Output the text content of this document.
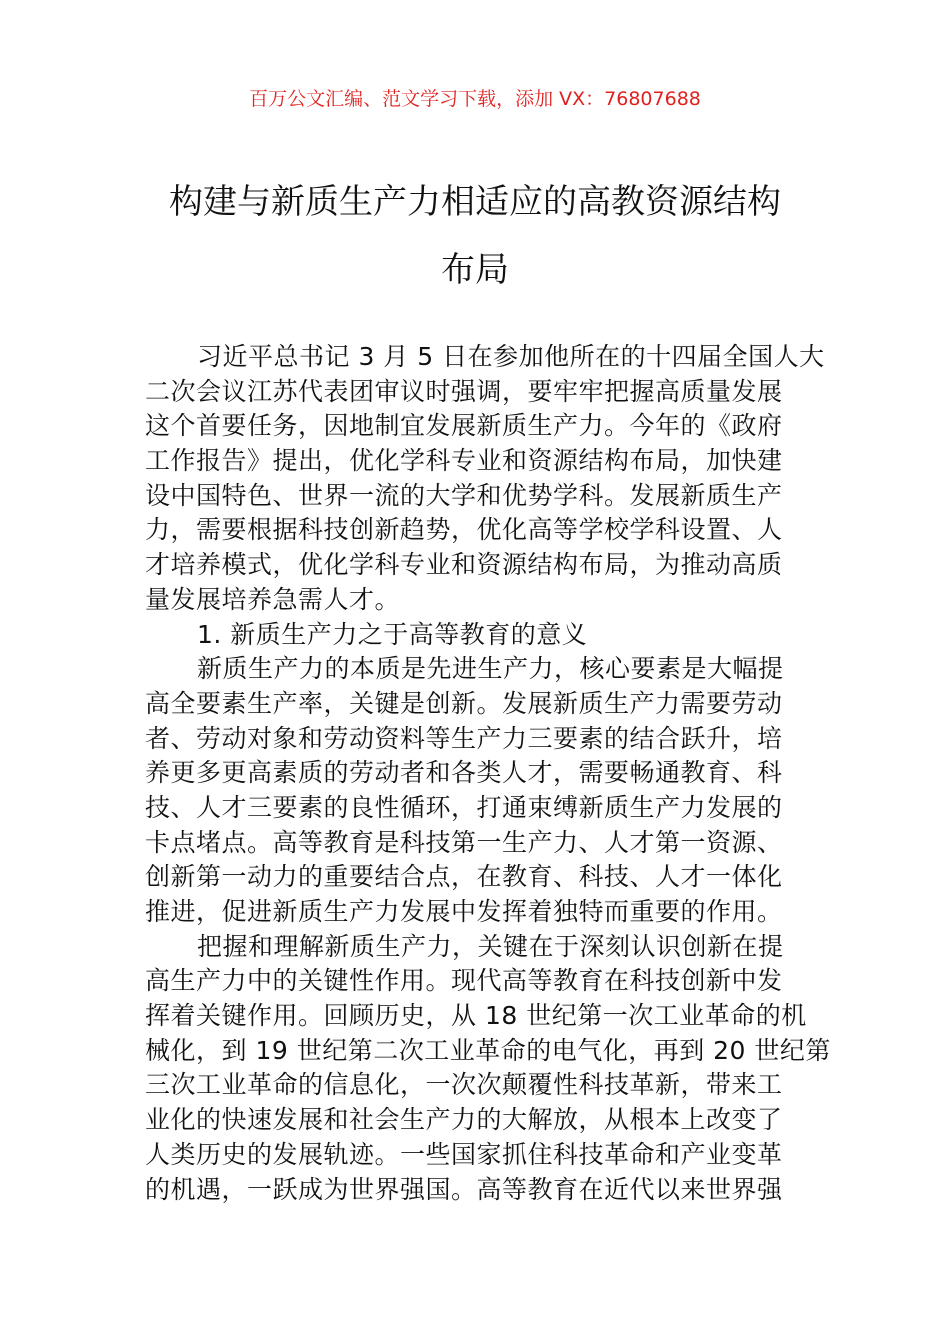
百万公文汇编、范文学习下载，添加 VX：76807688
构建与新质生产力相适应的高教资源结构
布局
习近平总书记 3 月 5 日在参加他所在的十四届全国人大
二次会议江苏代表团审议时强调，要牢牢把握高质量发展
这个首要任务，因地制宜发展新质生产力。今年的《政府
工作报告》提出，优化学科专业和资源结构布局，加快建
设中国特色、世界一流的大学和优势学科。发展新质生产
力，需要根据科技创新趋势，优化高等学校学科设置、人
才培养模式，优化学科专业和资源结构布局，为推动高质
量发展培养急需人才。
1. 新质生产力之于高等教育的意义
新质生产力的本质是先进生产力，核心要素是大幅提
高全要素生产率，关键是创新。发展新质生产力需要劳动
者、劳动对象和劳动资料等生产力三要素的结合跃升，培
养更多更高素质的劳动者和各类人才，需要畅通教育、科
技、人才三要素的良性循环，打通束缚新质生产力发展的
卡点堵点。高等教育是科技第一生产力、人才第一资源、
创新第一动力的重要结合点，在教育、科技、人才一体化
推进，促进新质生产力发展中发挥着独特而重要的作用。
把握和理解新质生产力，关键在于深刻认识创新在提
高生产力中的关键性作用。现代高等教育在科技创新中发
挥着关键作用。回顾历史，从 18 世纪第一次工业革命的机
械化，到 19 世纪第二次工业革命的电气化，再到 20 世纪第
三次工业革命的信息化，一次次颠覆性科技革新，带来工
业化的快速发展和社会生产力的大解放，从根本上改变了
人类历史的发展轨迹。一些国家抓住科技革命和产业变革
的机遇，一跃成为世界强国。高等教育在近代以来世界强
